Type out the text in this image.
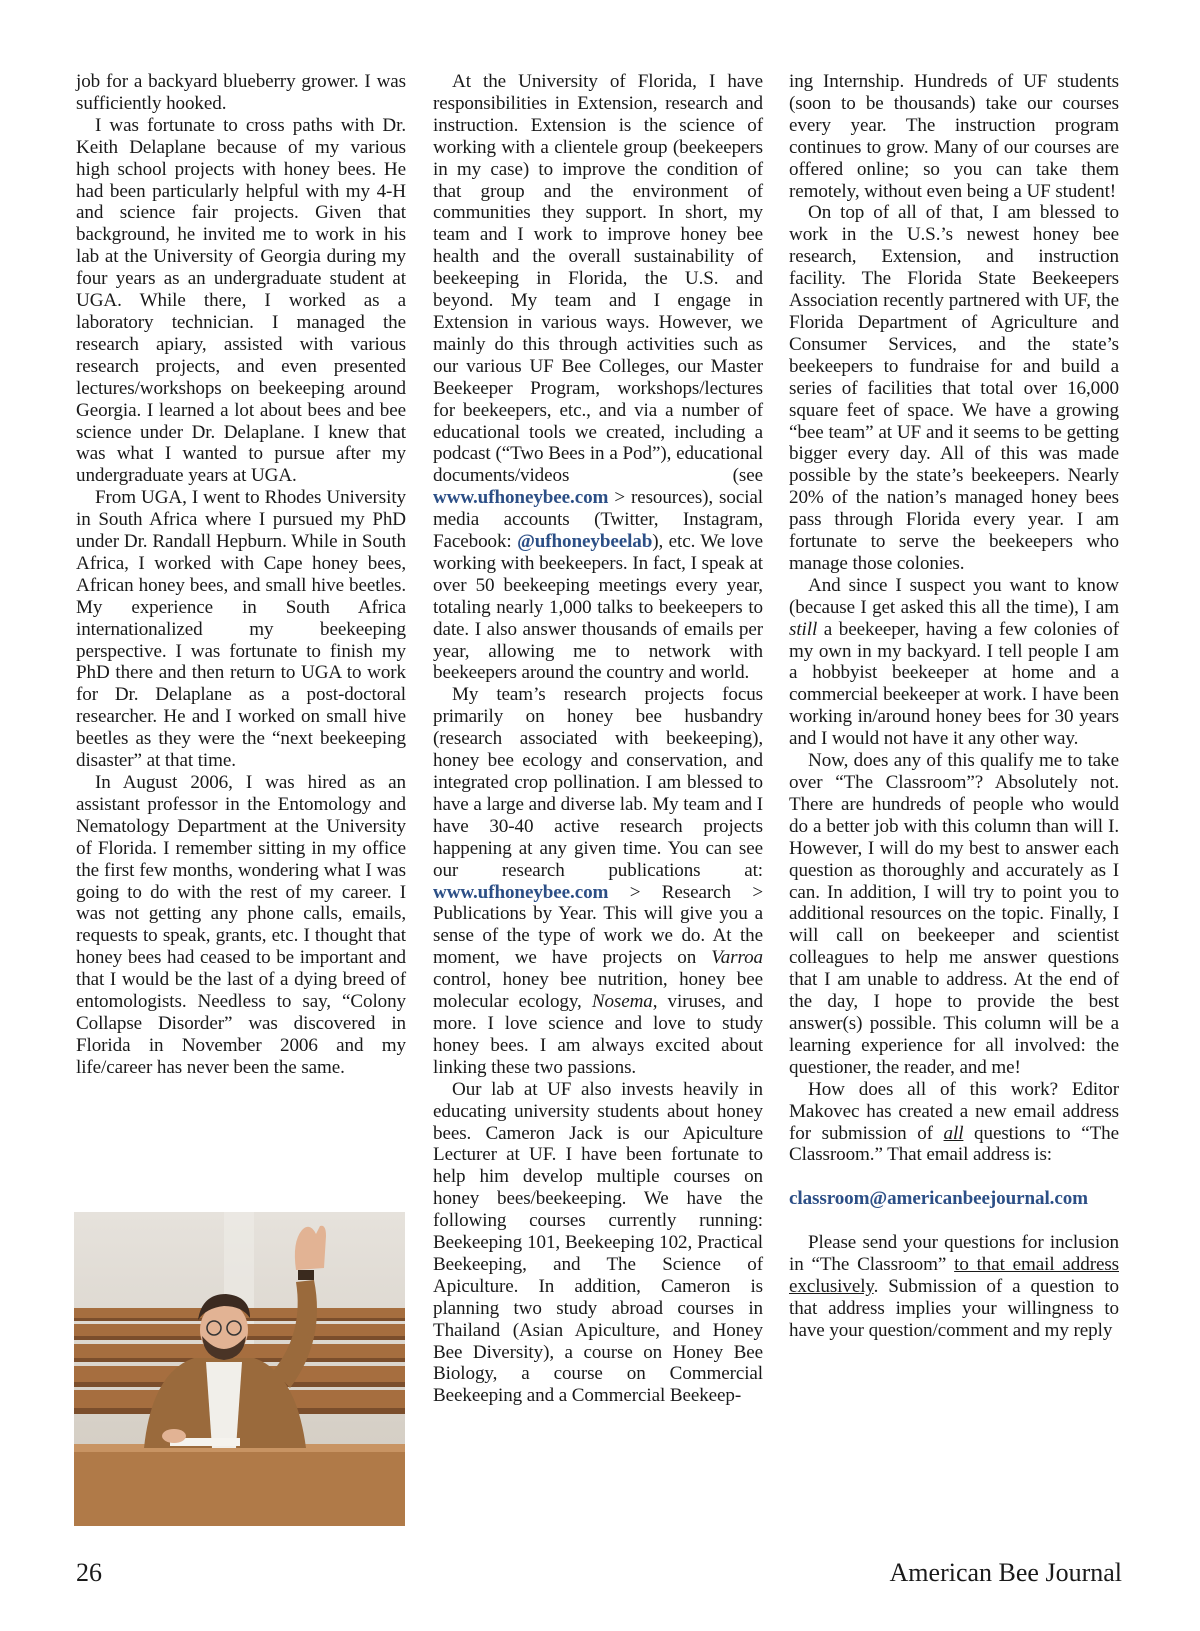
job for a backyard blueberry grower. I was sufficiently hooked.

I was fortunate to cross paths with Dr. Keith Delaplane because of my various high school projects with honey bees. He had been particularly helpful with my 4-H and science fair projects. Given that background, he invited me to work in his lab at the University of Georgia during my four years as an undergraduate student at UGA. While there, I worked as a laboratory technician. I managed the research apiary, assisted with various research projects, and even presented lectures/workshops on beekeeping around Georgia. I learned a lot about bees and bee science under Dr. Delaplane. I knew that was what I wanted to pursue after my undergraduate years at UGA.

From UGA, I went to Rhodes University in South Africa where I pursued my PhD under Dr. Randall Hepburn. While in South Africa, I worked with Cape honey bees, African honey bees, and small hive beetles. My experience in South Africa internationalized my beekeeping perspective. I was fortunate to finish my PhD there and then return to UGA to work for Dr. Delaplane as a post-doctoral researcher. He and I worked on small hive beetles as they were the “next beekeeping disaster” at that time.

In August 2006, I was hired as an assistant professor in the Entomology and Nematology Department at the University of Florida. I remember sitting in my office the first few months, wondering what I was going to do with the rest of my career. I was not getting any phone calls, emails, requests to speak, grants, etc. I thought that honey bees had ceased to be important and that I would be the last of a dying breed of entomologists. Needless to say, “Colony Collapse Disorder” was discovered in Florida in November 2006 and my life/career has never been the same.

At the University of Florida, I have responsibilities in Extension, research and instruction. Extension is the science of working with a clientele group (beekeepers in my case) to improve the condition of that group and the environment of communities they support. In short, my team and I work to improve honey bee health and the overall sustainability of beekeeping in Florida, the U.S. and beyond. My team and I engage in Extension in various ways. However, we mainly do this through activities such as our various UF Bee Colleges, our Master Beekeeper Program, workshops/lectures for beekeepers, etc., and via a number of educational tools we created, including a podcast (“Two Bees in a Pod”), educational documents/videos (see www.ufhoneybee.com > resources), social media accounts (Twitter, Instagram, Facebook: @ufhoneybeelab), etc. We love working with beekeepers. In fact, I speak at over 50 beekeeping meetings every year, totaling nearly 1,000 talks to beekeepers to date. I also answer thousands of emails per year, allowing me to network with beekeepers around the country and world.

My team’s research projects focus primarily on honey bee husbandry (research associated with beekeeping), honey bee ecology and conservation, and integrated crop pollination. I am blessed to have a large and diverse lab. My team and I have 30-40 active research projects happening at any given time. You can see our research publications at: www.ufhoneybee.com > Research > Publications by Year. This will give you a sense of the type of work we do. At the moment, we have projects on Varroa control, honey bee nutrition, honey bee molecular ecology, Nosema, viruses, and more. I love science and love to study honey bees. I am always excited about linking these two passions.

Our lab at UF also invests heavily in educating university students about honey bees. Cameron Jack is our Apiculture Lecturer at UF. I have been fortunate to help him develop multiple courses on honey bees/beekeeping. We have the following courses currently running: Beekeeping 101, Beekeeping 102, Practical Beekeeping, and The Science of Apiculture. In addition, Cameron is planning two study abroad courses in Thailand (Asian Apiculture, and Honey Bee Diversity), a course on Honey Bee Biology, a course on Commercial Beekeeping and a Commercial Beekeep-

ing Internship. Hundreds of UF students (soon to be thousands) take our courses every year. The instruction program continues to grow. Many of our courses are offered online; so you can take them remotely, without even being a UF student!

On top of all of that, I am blessed to work in the U.S.’s newest honey bee research, Extension, and instruction facility. The Florida State Beekeepers Association recently partnered with UF, the Florida Department of Agriculture and Consumer Services, and the state’s beekeepers to fundraise for and build a series of facilities that total over 16,000 square feet of space. We have a growing “bee team” at UF and it seems to be getting bigger every day. All of this was made possible by the state’s beekeepers. Nearly 20% of the nation’s managed honey bees pass through Florida every year. I am fortunate to serve the beekeepers who manage those colonies.

And since I suspect you want to know (because I get asked this all the time), I am still a beekeeper, having a few colonies of my own in my backyard. I tell people I am a hobbyist beekeeper at home and a commercial beekeeper at work. I have been working in/around honey bees for 30 years and I would not have it any other way.

Now, does any of this qualify me to take over “The Classroom”? Absolutely not. There are hundreds of people who would do a better job with this column than will I. However, I will do my best to answer each question as thoroughly and accurately as I can. In addition, I will try to point you to additional resources on the topic. Finally, I will call on beekeeper and scientist colleagues to help me answer questions that I am unable to address. At the end of the day, I hope to provide the best answer(s) possible. This column will be a learning experience for all involved: the questioner, the reader, and me!

How does all of this work? Editor Makovec has created a new email address for submission of all questions to “The Classroom.” That email address is:

classroom@americanbeejournal.com

Please send your questions for inclusion in “The Classroom” to that email address exclusively. Submission of a question to that address implies your willingness to have your question/comment and my reply

26	American Bee Journal
